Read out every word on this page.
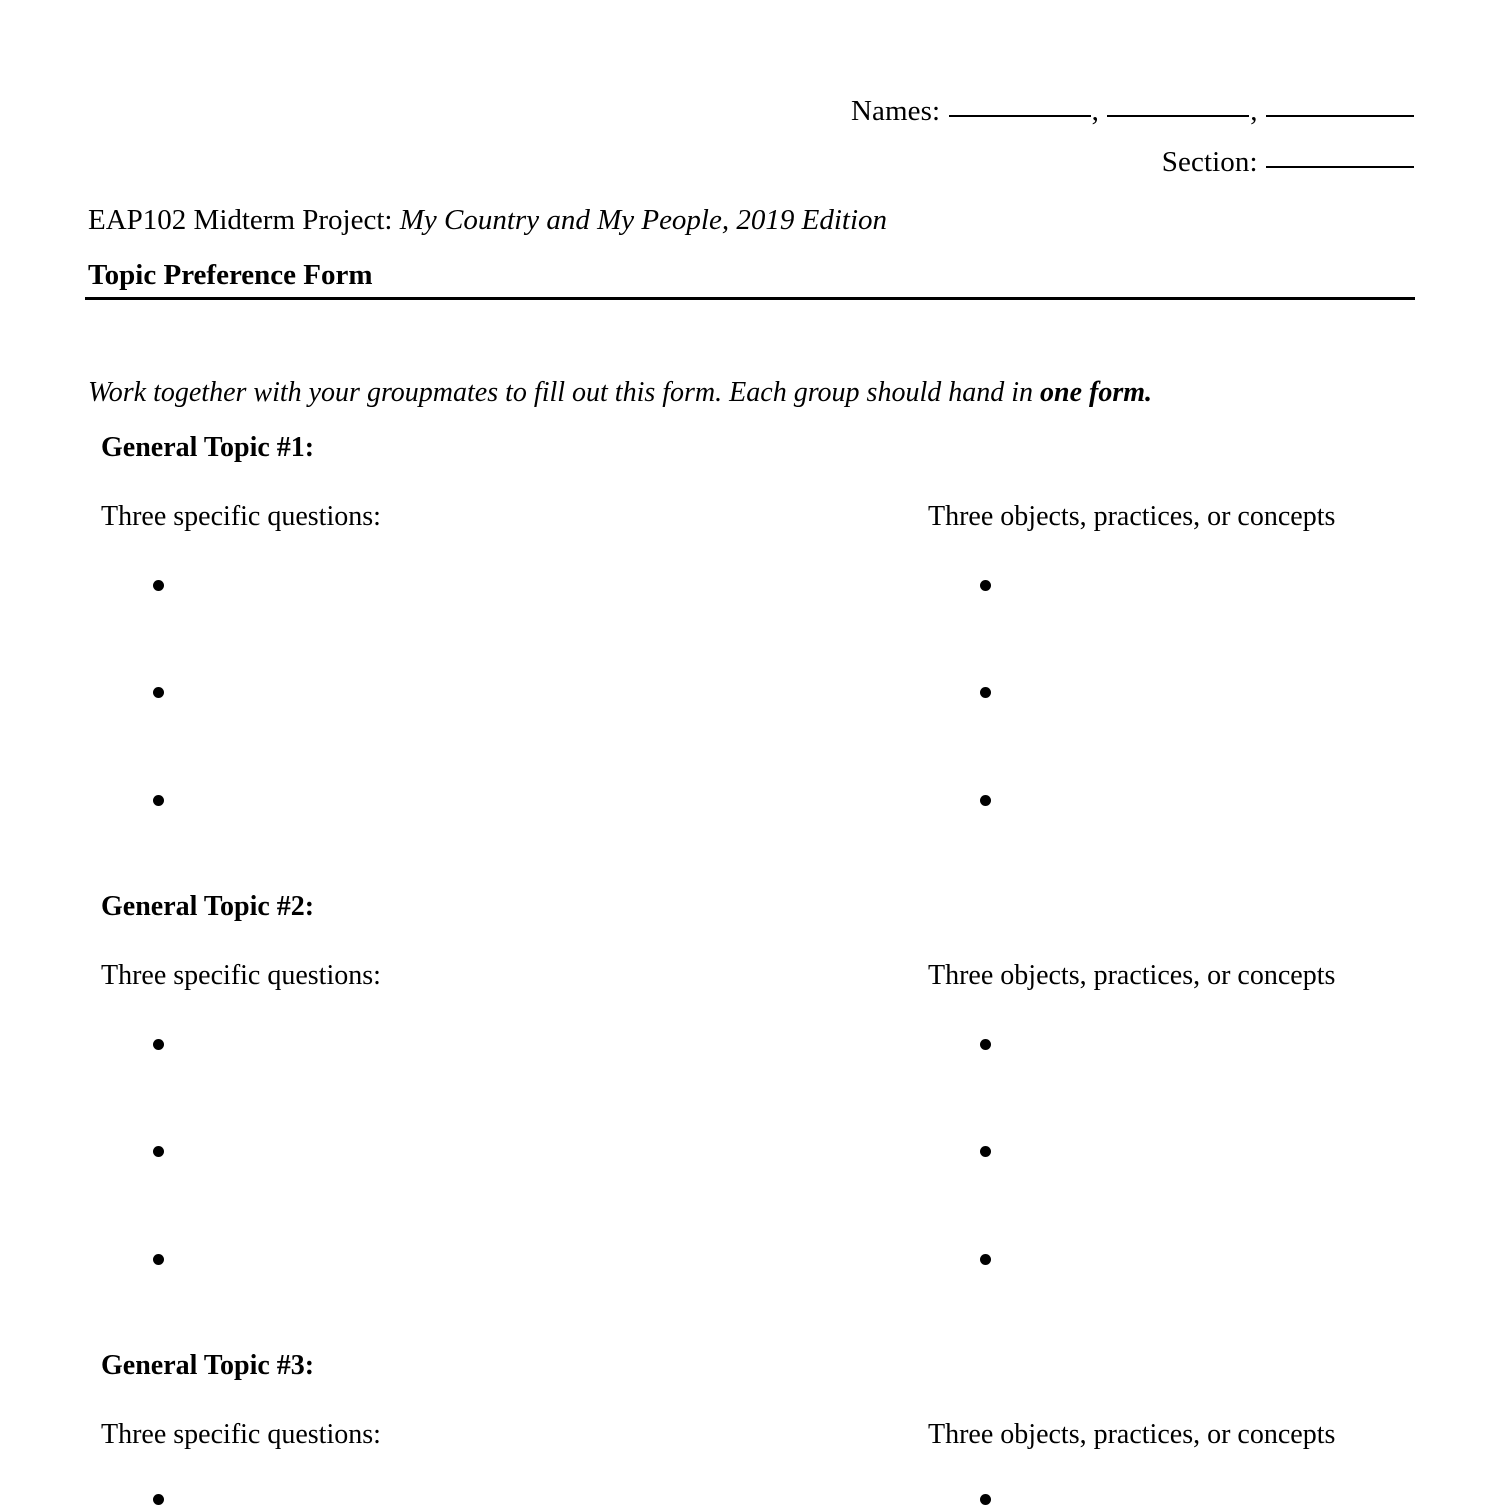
Names:	,	,
Section:
EAP102 Midterm Project: My Country and My People, 2019 Edition
Topic Preference Form
Work together with your groupmates to fill out this form. Each group should hand in one form.
General Topic #1:
Three specific questions:	Three objects, practices, or concepts
General Topic #2:
Three specific questions:	Three objects, practices, or concepts
General Topic #3:
Three specific questions:	Three objects, practices, or concepts
